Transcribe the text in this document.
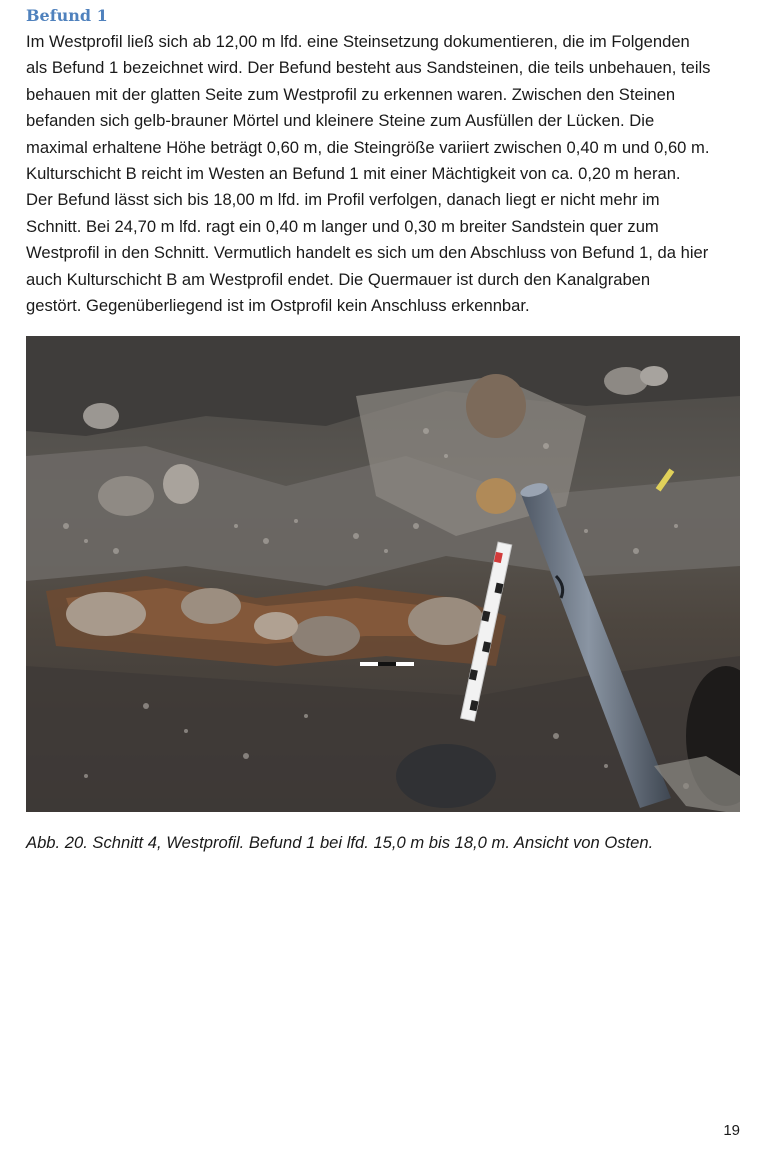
Befund 1

Im Westprofil ließ sich ab 12,00 m lfd. eine Steinsetzung dokumentieren, die im Folgenden
als Befund 1 bezeichnet wird. Der Befund besteht aus Sandsteinen, die teils unbehauen, teils
behauen mit der glatten Seite zum Westprofil zu erkennen waren. Zwischen den Steinen
befanden sich gelb-brauner Mörtel und kleinere Steine zum Ausfüllen der Lücken. Die
maximal erhaltene Höhe beträgt 0,60 m, die Steingröße variiert zwischen 0,40 m und 0,60 m.
Kulturschicht B reicht im Westen an Befund 1 mit einer Mächtigkeit von ca. 0,20 m heran.
Der Befund lässt sich bis 18,00 m lfd. im Profil verfolgen, danach liegt er nicht mehr im
Schnitt. Bei 24,70 m lfd. ragt ein 0,40 m langer und 0,30 m breiter Sandstein quer zum
Westprofil in den Schnitt. Vermutlich handelt es sich um den Abschluss von Befund 1, da hier
auch Kulturschicht B am Westprofil endet. Die Quermauer ist durch den Kanalgraben
gestört. Gegenüberliegend ist im Ostprofil kein Anschluss erkennbar.

Abb. 20. Schnitt 4, Westprofil. Befund 1 bei lfd. 15,0 m bis 18,0 m. Ansicht von Osten.

19
